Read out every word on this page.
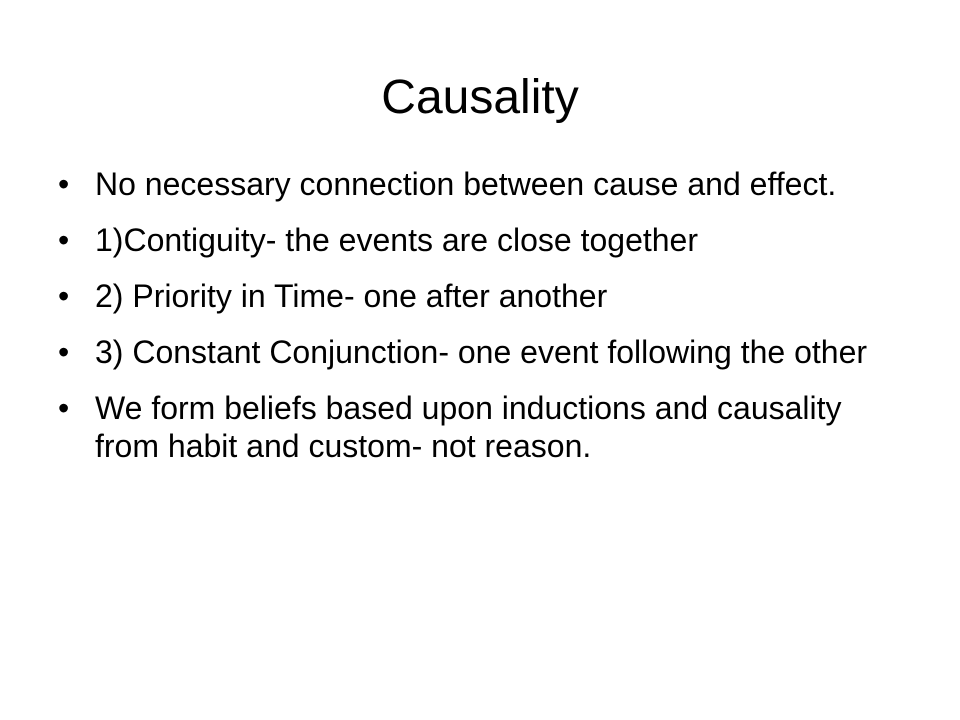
Causality
• No necessary connection between cause and effect.
• 1)Contiguity- the events are close together
• 2) Priority in Time- one after another
• 3) Constant Conjunction- one event following the other
• We form beliefs based upon inductions and causality from habit and custom- not reason.
